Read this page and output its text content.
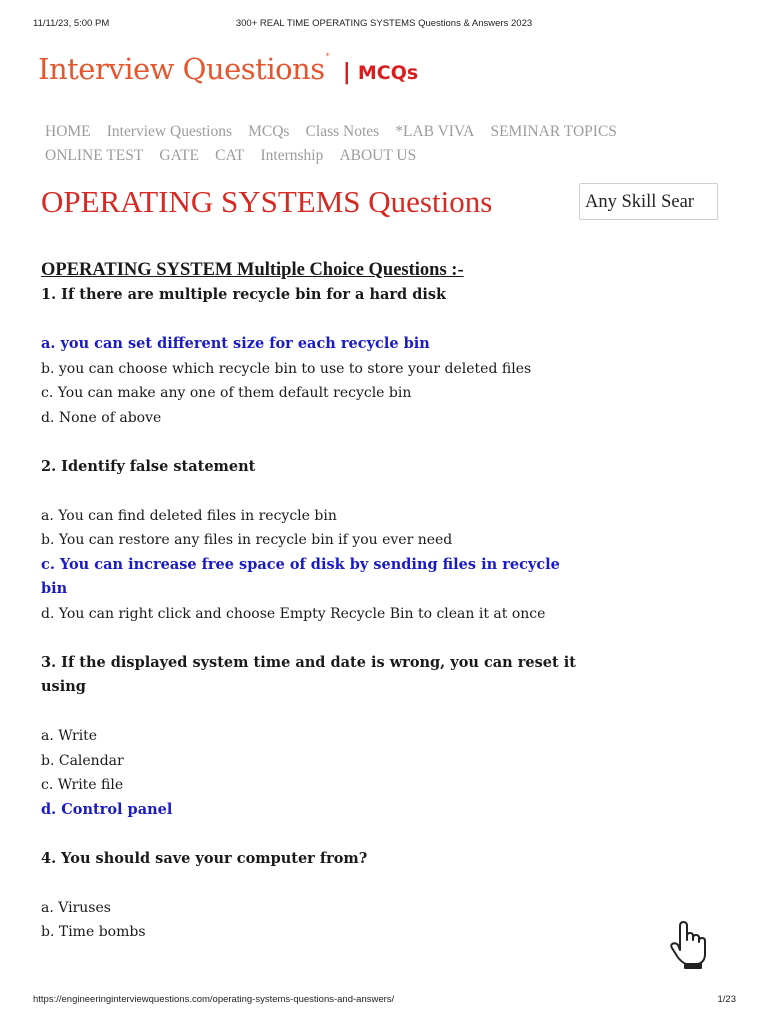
11/11/23, 5:00 PM	300+ REAL TIME OPERATING SYSTEMS Questions & Answers 2023
Interview Questions* | MCQs
HOME Interview Questions MCQs Class Notes *LAB VIVA SEMINAR TOPICS
ONLINE TEST GATE CAT Internship ABOUT US
OPERATING SYSTEMS Questions	Any Skill Sear

OPERATING SYSTEM Multiple Choice Questions :-

1. If there are multiple recycle bin for a hard disk

a. you can set different size for each recycle bin

b. you can choose which recycle bin to use to store your deleted files

c. You can make any one of them default recycle bin

d. None of above

2. Identify false statement

a. You can find deleted files in recycle bin

b. You can restore any files in recycle bin if you ever need

c. You can increase free space of disk by sending files in recycle bin

d. You can right click and choose Empty Recycle Bin to clean it at once

3. If the displayed system time and date is wrong, you can reset it using

a. Write

b. Calendar

c. Write file

d. Control panel

4. You should save your computer from?

a. Viruses

b. Time bombs

https://engineeringinterviewquestions.com/operating-systems-questions-and-answers/	1/23
